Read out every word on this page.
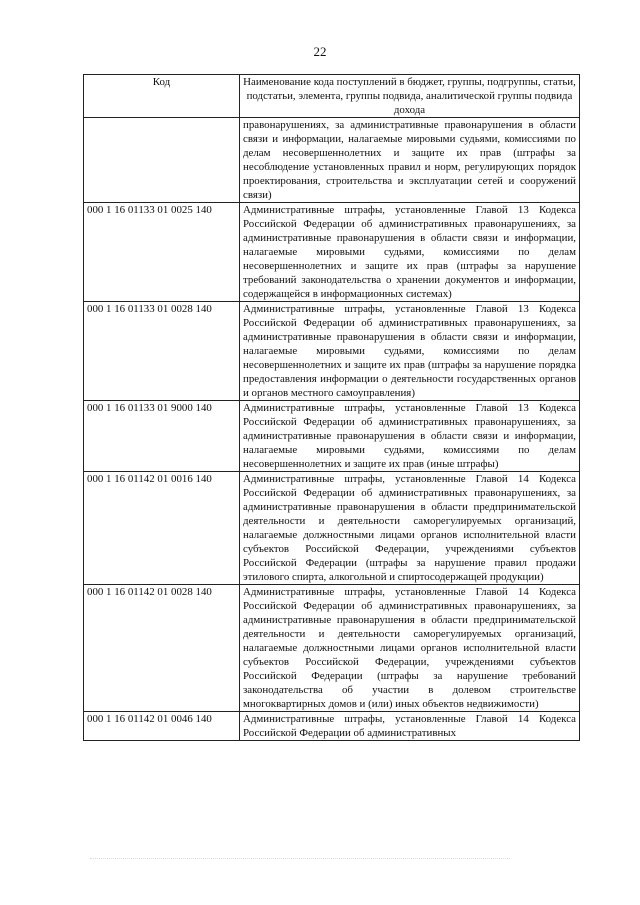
22
Код	Наименование кода поступлений в бюджет, группы, подгруппы, статьи, подстатьи, элемента, группы подвида, аналитической группы подвида дохода
	правонарушениях, за административные правонарушения в области связи и информации, налагаемые мировыми судьями, комиссиями по делам несовершеннолетних и защите их прав (штрафы за несоблюдение установленных правил и норм, регулирующих порядок проектирования, строительства и эксплуатации сетей и сооружений связи)
000 1 16 01133 01 0025 140	Административные штрафы, установленные Главой 13 Кодекса Российской Федерации об административных правонарушениях, за административные правонарушения в области связи и информации, налагаемые мировыми судьями, комиссиями по делам несовершеннолетних и защите их прав (штрафы за нарушение требований законодательства о хранении документов и информации, содержащейся в информационных системах)
000 1 16 01133 01 0028 140	Административные штрафы, установленные Главой 13 Кодекса Российской Федерации об административных правонарушениях, за административные правонарушения в области связи и информации, налагаемые мировыми судьями, комиссиями по делам несовершеннолетних и защите их прав (штрафы за нарушение порядка предоставления информации о деятельности государственных органов и органов местного самоуправления)
000 1 16 01133 01 9000 140	Административные штрафы, установленные Главой 13 Кодекса Российской Федерации об административных правонарушениях, за административные правонарушения в области связи и информации, налагаемые мировыми судьями, комиссиями по делам несовершеннолетних и защите их прав (иные штрафы)
000 1 16 01142 01 0016 140	Административные штрафы, установленные Главой 14 Кодекса Российской Федерации об административных правонарушениях, за административные правонарушения в области предпринимательской деятельности и деятельности саморегулируемых организаций, налагаемые должностными лицами органов исполнительной власти субъектов Российской Федерации, учреждениями субъектов Российской Федерации (штрафы за нарушение правил продажи этилового спирта, алкогольной и спиртосодержащей продукции)
000 1 16 01142 01 0028 140	Административные штрафы, установленные Главой 14 Кодекса Российской Федерации об административных правонарушениях, за административные правонарушения в области предпринимательской деятельности и деятельности саморегулируемых организаций, налагаемые должностными лицами органов исполнительной власти субъектов Российской Федерации, учреждениями субъектов Российской Федерации (штрафы за нарушение требований законодательства об участии в долевом строительстве многоквартирных домов и (или) иных объектов недвижимости)
000 1 16 01142 01 0046 140	Административные штрафы, установленные Главой 14 Кодекса Российской Федерации об административных
